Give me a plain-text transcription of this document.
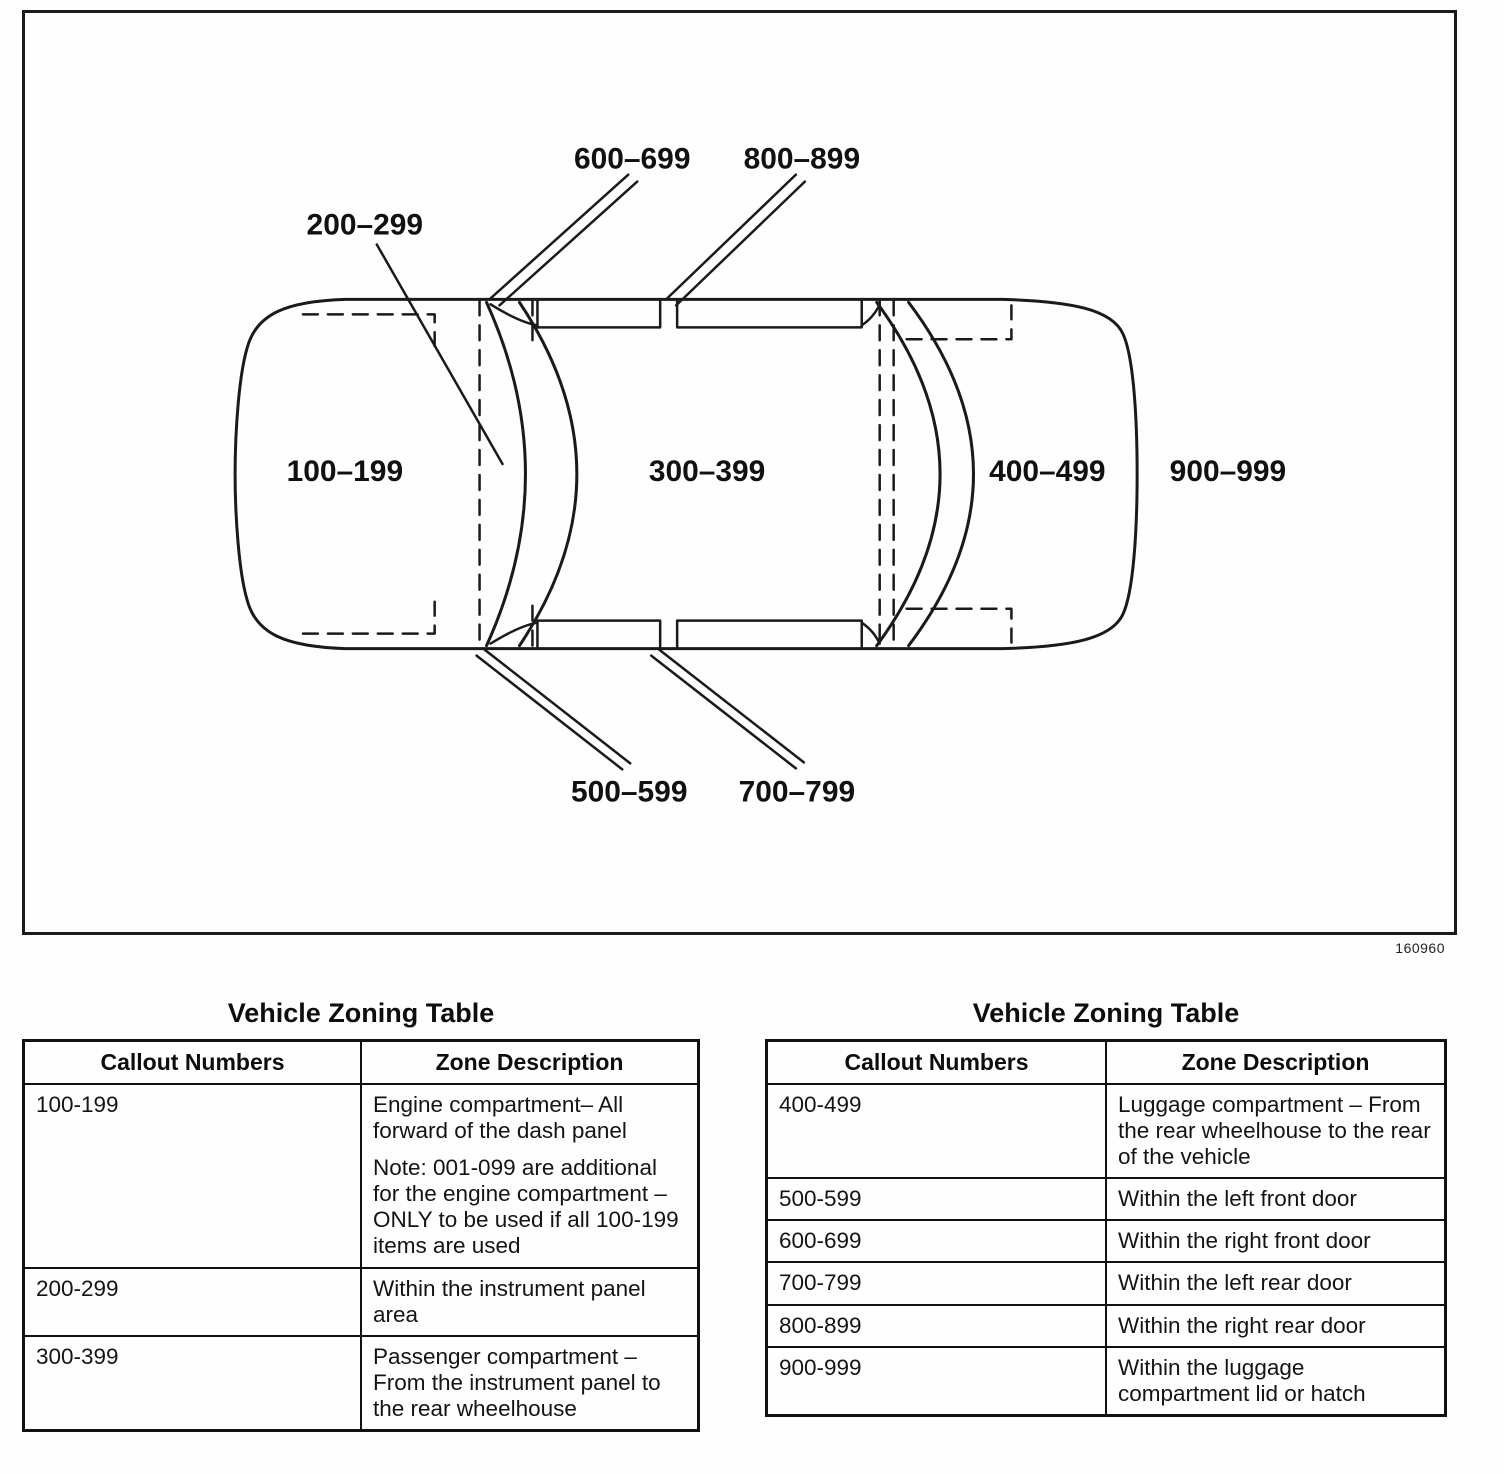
600–699 800–899
200–299
100–199	300–399	400–499 900–999
500–599 700–799
160960
Vehicle Zoning Table
Callout Numbers	Zone Description
100-199	Engine compartment– All forward of the dash panel

Note: 001-099 are additional for the engine compartment – ONLY to be used if all 100-199 items are used

200-299	Within the instrument panel area

300-399	Passenger compartment – From the instrument panel to the rear wheelhouse

Vehicle Zoning Table
Callout Numbers	Zone Description
400-499	Luggage compartment – From the rear wheelhouse to the rear of the vehicle

500-599	Within the left front door

600-699	Within the right front door

700-799	Within the left rear door

800-899	Within the right rear door

900-999	Within the luggage compartment lid or hatch
